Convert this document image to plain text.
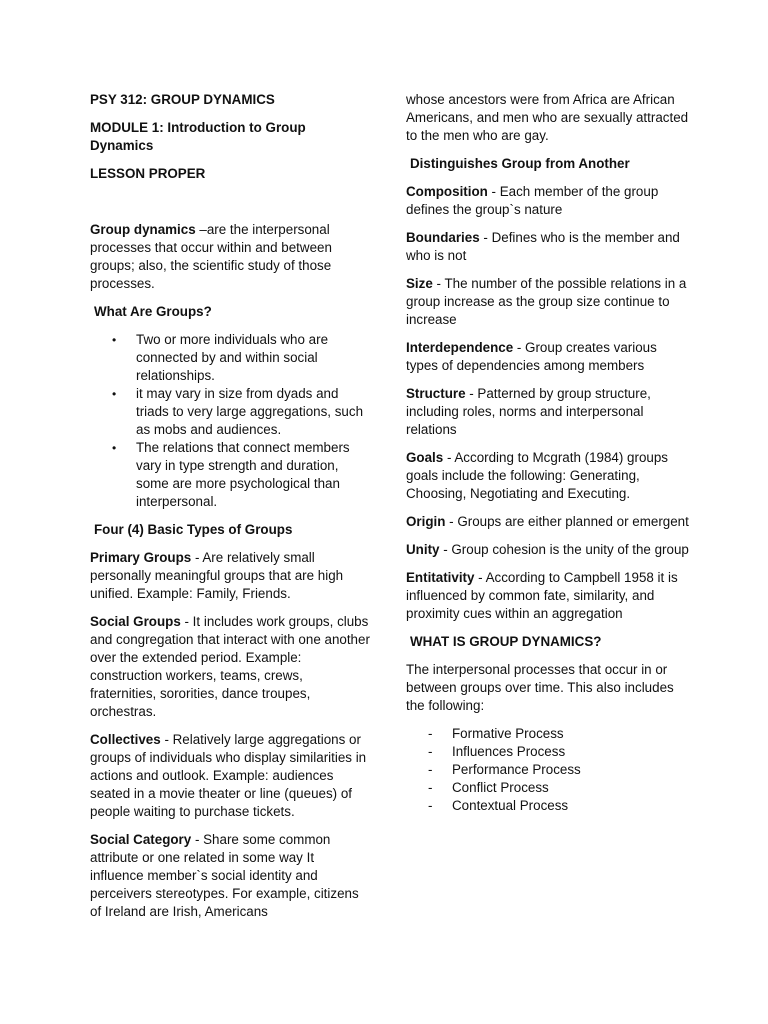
PSY 312: GROUP DYNAMICS

MODULE 1: Introduction to Group Dynamics

LESSON PROPER

Group dynamics –are the interpersonal processes that occur within and between groups; also, the scientific study of those processes.

What Are Groups?

• Two or more individuals who are connected by and within social relationships.
• it may vary in size from dyads and triads to very large aggregations, such as mobs and audiences.
• The relations that connect members vary in type strength and duration, some are more psychological than interpersonal.

Four (4) Basic Types of Groups

Primary Groups - Are relatively small personally meaningful groups that are high unified. Example: Family, Friends.

Social Groups - It includes work groups, clubs and congregation that interact with one another over the extended period. Example: construction workers, teams, crews, fraternities, sororities, dance troupes, orchestras.

Collectives - Relatively large aggregations or groups of individuals who display similarities in actions and outlook. Example: audiences seated in a movie theater or line (queues) of people waiting to purchase tickets.

Social Category - Share some common attribute or one related in some way It influence member`s social identity and perceivers stereotypes. For example, citizens of Ireland are Irish, Americans

whose ancestors were from Africa are African Americans, and men who are sexually attracted to the men who are gay.

Distinguishes Group from Another

Composition - Each member of the group defines the group`s nature

Boundaries - Defines who is the member and who is not

Size - The number of the possible relations in a group increase as the group size continue to increase

Interdependence - Group creates various types of dependencies among members

Structure - Patterned by group structure, including roles, norms and interpersonal relations

Goals - According to Mcgrath (1984) groups goals include the following: Generating, Choosing, Negotiating and Executing.

Origin - Groups are either planned or emergent

Unity - Group cohesion is the unity of the group

Entitativity - According to Campbell 1958 it is influenced by common fate, similarity, and proximity cues within an aggregation

WHAT IS GROUP DYNAMICS?

The interpersonal processes that occur in or between groups over time. This also includes the following:

- Formative Process
- Influences Process
- Performance Process
- Conflict Process
- Contextual Process
